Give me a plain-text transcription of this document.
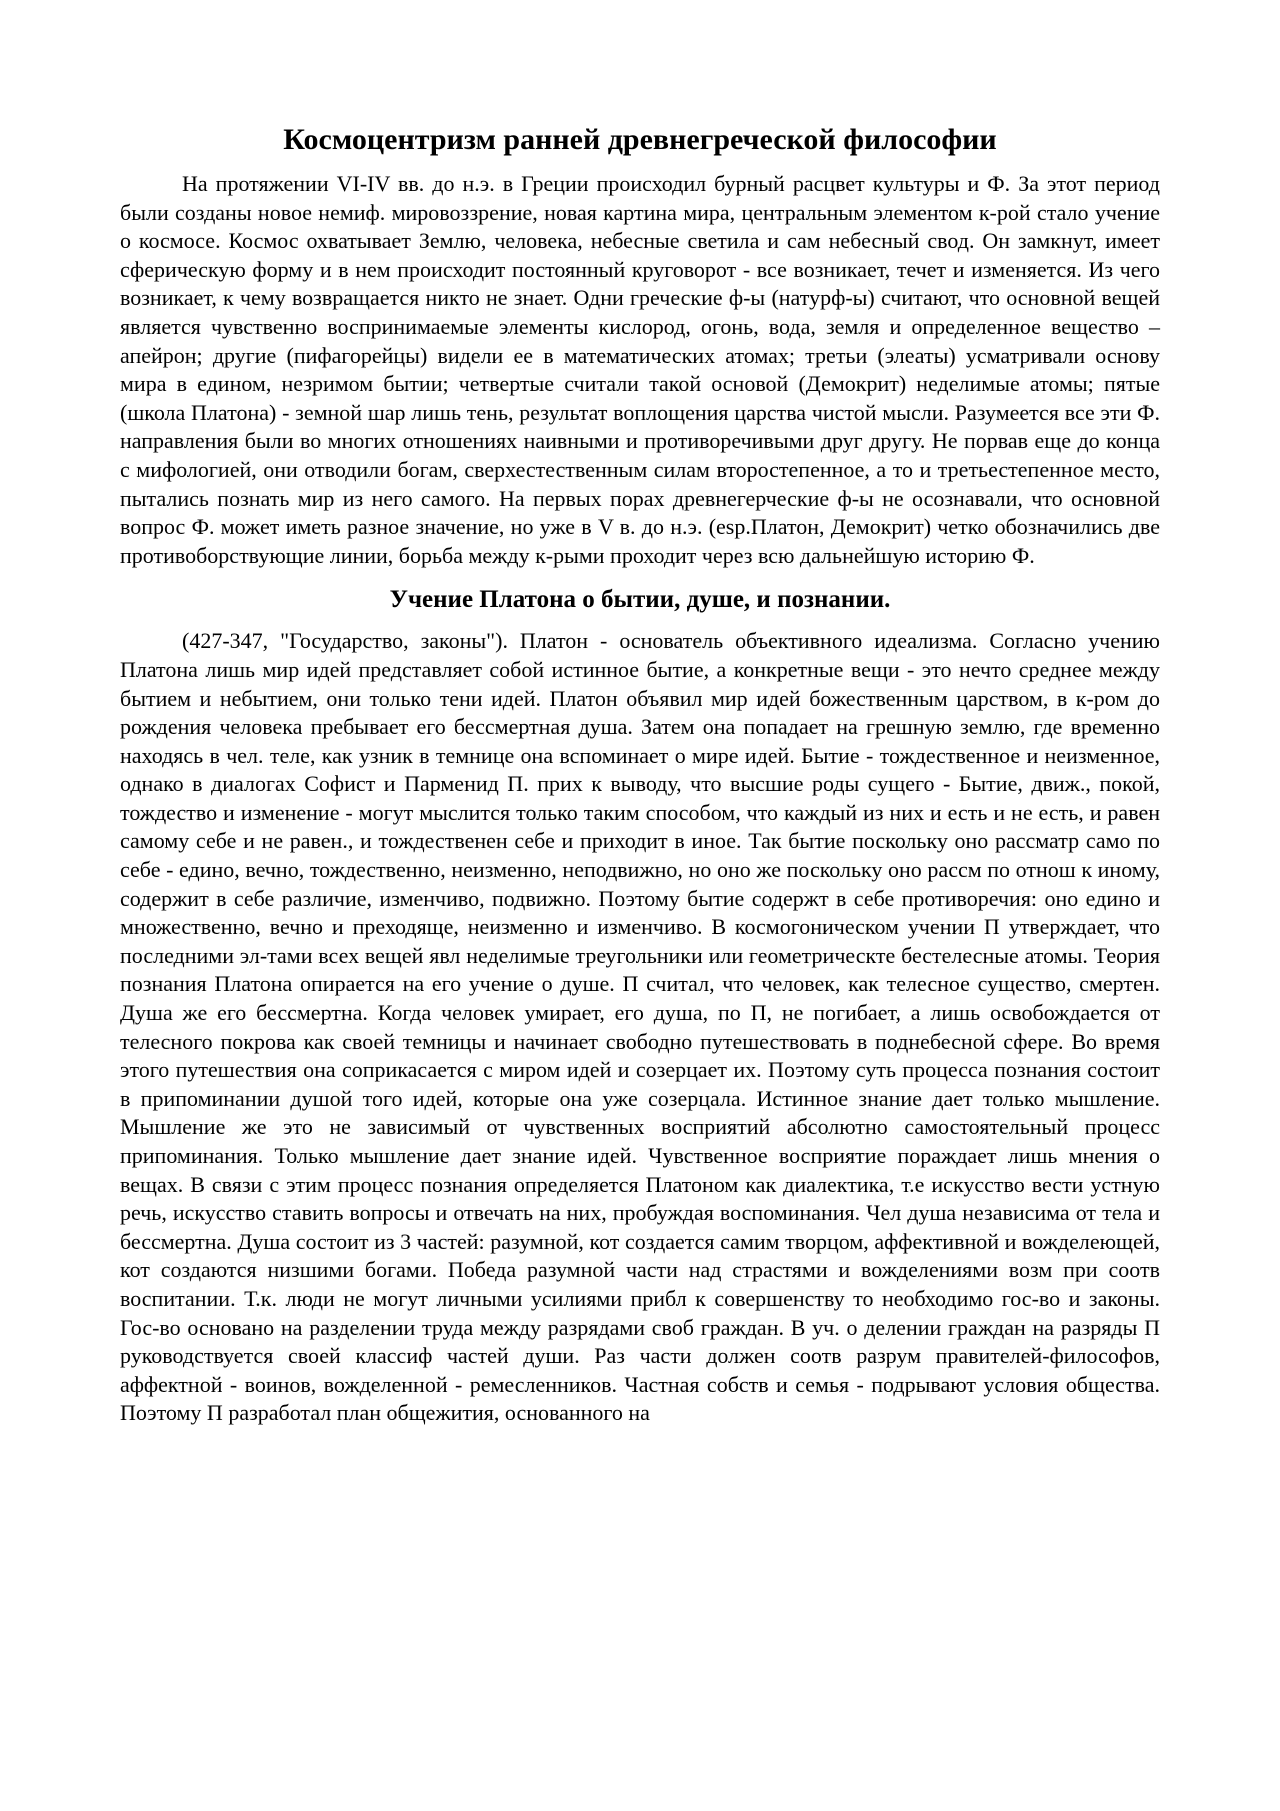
Космоцентризм ранней древнегреческой философии

На протяжении VI-IV вв. до н.э. в Греции происходил бурный расцвет культуры и Ф. За этот период были созданы новое немиф. мировоззрение, новая картина мира, центральным элементом к-рой стало учение о космосе. Космос охватывает Землю, человека, небесные светила и сам небесный свод. Он замкнут, имеет сферическую форму и в нем происходит постоянный круговорот - все возникает, течет и изменяется. Из чего возникает, к чему возвращается никто не знает. Одни греческие ф-ы (натурф-ы) считают, что основной вещей является чувственно воспринимаемые элементы кислород, огонь, вода, земля и определенное вещество – апейрон; другие (пифагорейцы) видели ее в математических атомах; третьи (элеаты) усматривали основу мира в едином, незримом бытии; четвертые считали такой основой (Демокрит) неделимые атомы; пятые (школа Платона) - земной шар лишь тень, результат воплощения царства чистой мысли. Разумеется все эти Ф. направления были во многих отношениях наивными и противоречивыми друг другу. Не порвав еще до конца с мифологией, они отводили богам, сверхестественным силам второстепенное, а то и третьестепенное место, пытались познать мир из него самого. На первых порах древнегерческие ф-ы не осознавали, что основной вопрос Ф. может иметь разное значение, но уже в V в. до н.э. (esp.Платон, Демокрит) четко обозначились две противоборствующие линии, борьба между к-рыми проходит через всю дальнейшую историю Ф.

Учение Платона о бытии, душе, и познании.

(427-347, "Государство, законы"). Платон - основатель объективного идеализма. Согласно учению Платона лишь мир идей представляет собой истинное бытие, а конкретные вещи - это нечто среднее между бытием и небытием, они только тени идей. Платон объявил мир идей божественным царством, в к-ром до рождения человека пребывает его бессмертная душа. Затем она попадает на грешную землю, где временно находясь в чел. теле, как узник в темнице она вспоминает о мире идей. Бытие - тождественное и неизменное, однако в диалогах Софист и Парменид П. прих к выводу, что высшие роды сущего - Бытие, движ., покой, тождество и изменение - могут мыслится только таким способом, что каждый из них и есть и не есть, и равен самому себе и не равен., и тождественен себе и приходит в иное. Так бытие поскольку оно рассматр само по себе - едино, вечно, тождественно, неизменно, неподвижно, но оно же поскольку оно рассм по отнош к иному, содержит в себе различие, изменчиво, подвижно. Поэтому бытие содержт в себе противоречия: оно едино и множественно, вечно и преходяще, неизменно и изменчиво. В космогоническом учении П утверждает, что последними эл-тами всех вещей явл неделимые треугольники или геометрическте бестелесные атомы. Теория познания Платона опирается на его учение о душе. П считал, что человек, как телесное существо, смертен. Душа же его бессмертна. Когда человек умирает, его душа, по П, не погибает, а лишь освобождается от телесного покрова как своей темницы и начинает свободно путешествовать в поднебесной сфере. Во время этого путешествия она соприкасается с миром идей и созерцает их. Поэтому суть процесса познания состоит в припоминании душой того идей, которые она уже созерцала. Истинное знание дает только мышление. Мышление же это не зависимый от чувственных восприятий абсолютно самостоятельный процесс припоминания. Только мышление дает знание идей. Чувственное восприятие пораждает лишь мнения о вещах. В связи с этим процесс познания определяется Платоном как диалектика, т.е искусство вести устную речь, искусство ставить вопросы и отвечать на них, пробуждая воспоминания. Чел душа независима от тела и бессмертна. Душа состоит из 3 частей: разумной, кот создается самим творцом, аффективной и вожделеющей, кот создаются низшими богами. Победа разумной части над страстями и вожделениями возм при соотв воспитании. Т.к. люди не могут личными усилиями прибл к совершенству то необходимо гос-во и законы. Гос-во основано на разделении труда между разрядами своб граждан. В уч. о делении граждан на разряды П руководствуется своей классиф частей души. Раз части должен соотв разрум правителей-философов, аффектной - воинов, вожделенной - ремесленников. Частная собств и семья - подрывают условия общества. Поэтому П разработал план общежития, основанного на
